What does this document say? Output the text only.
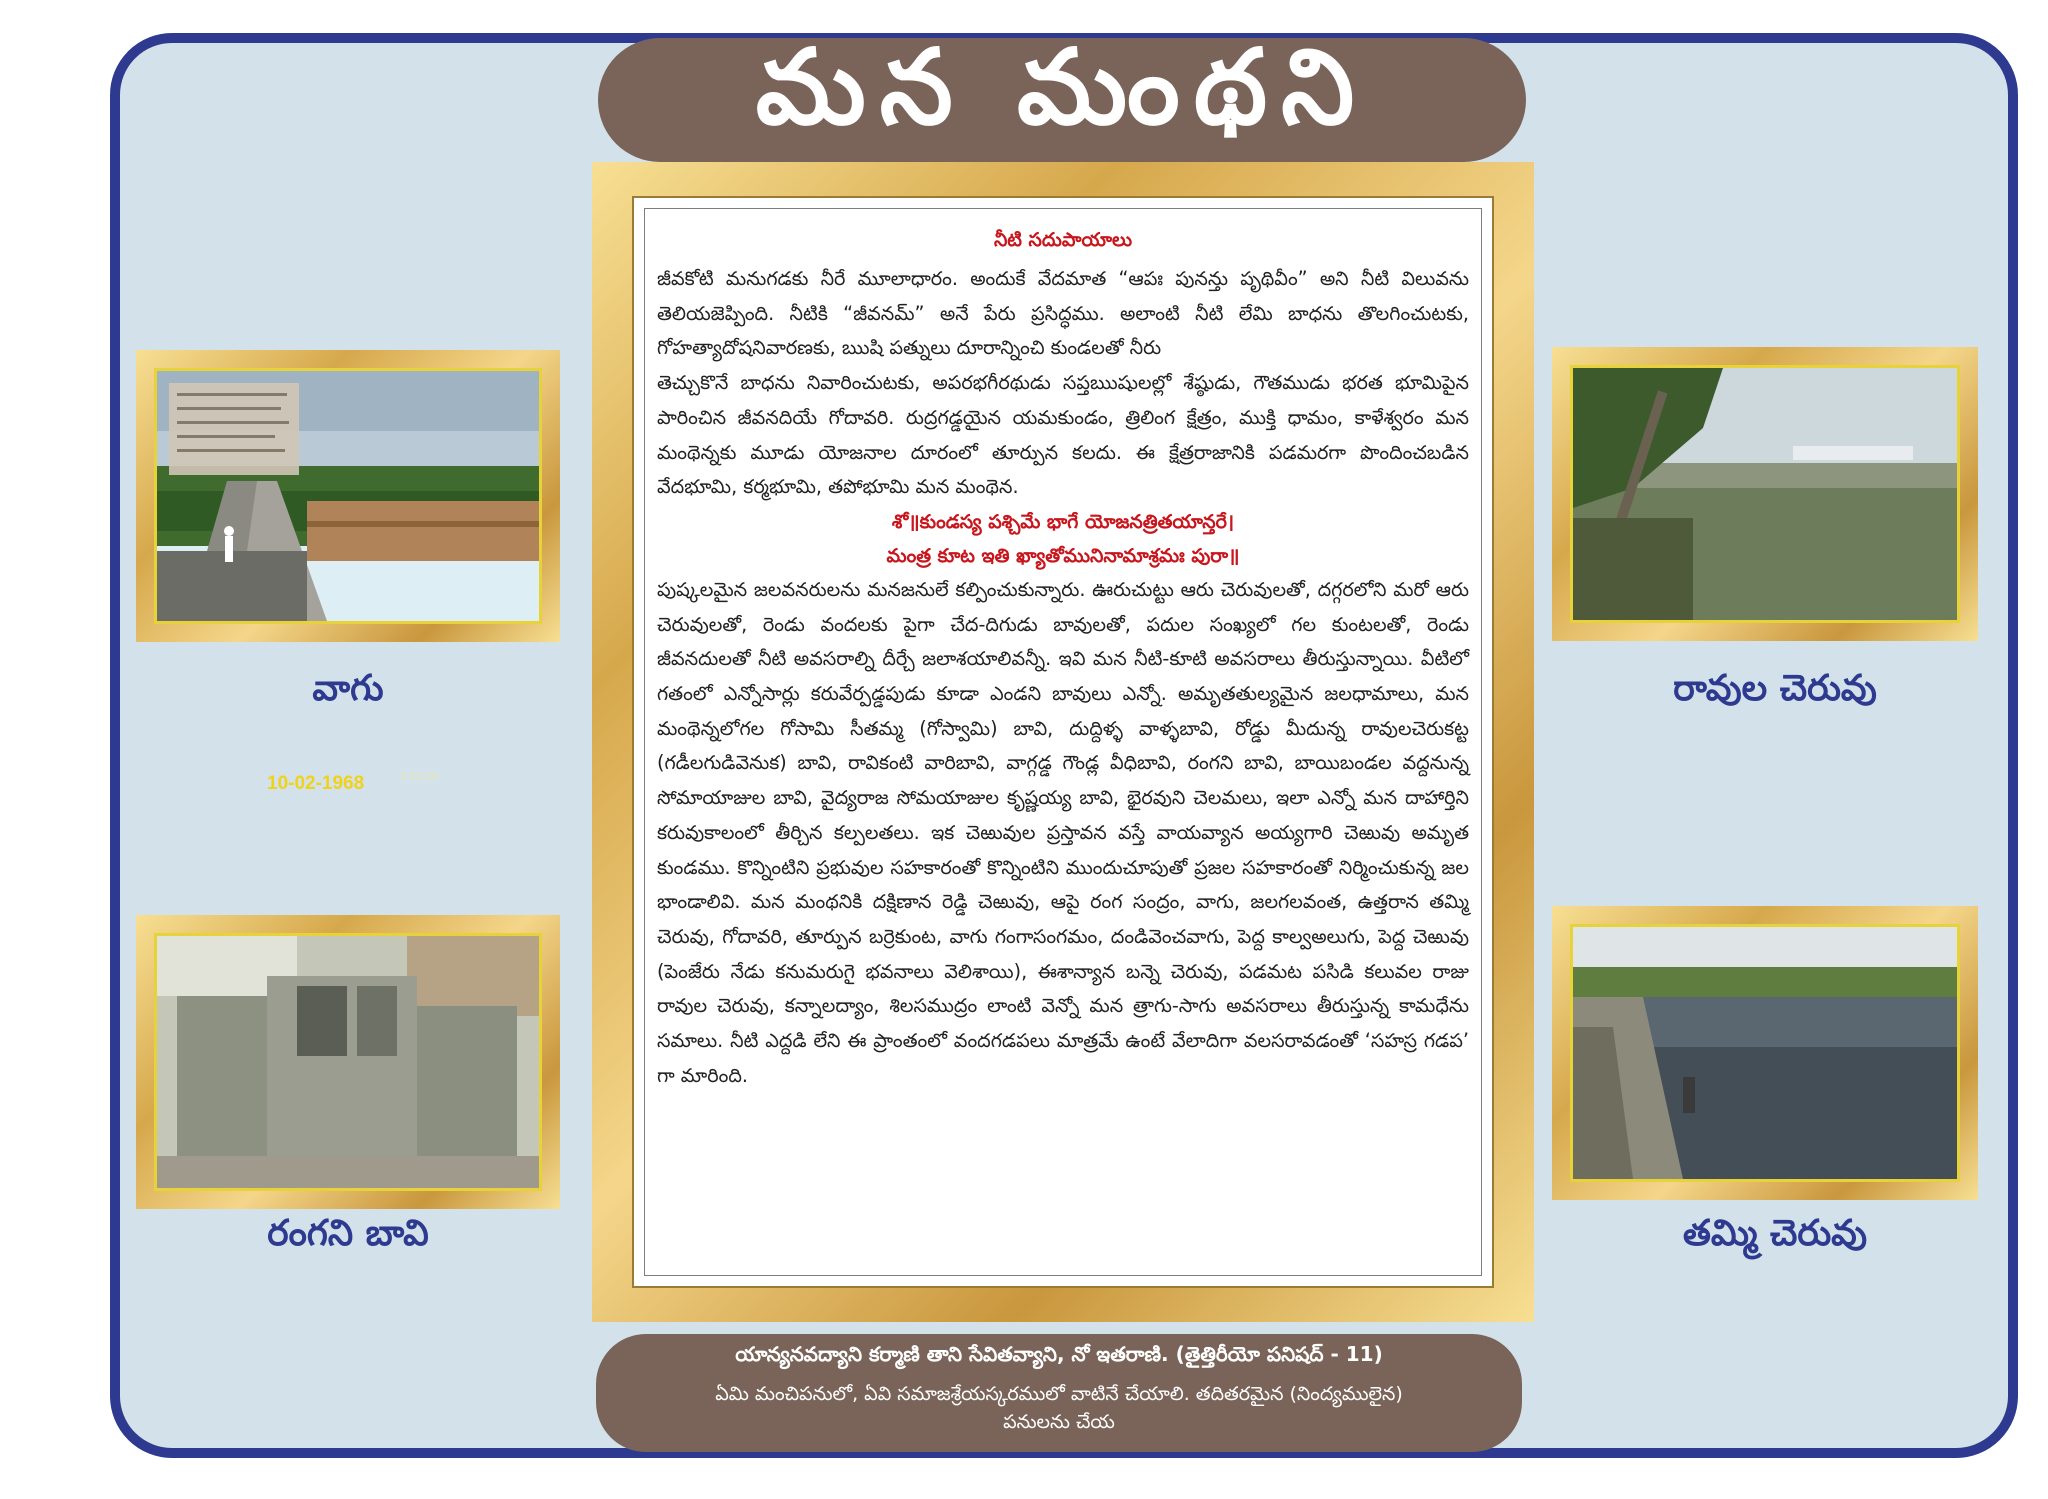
మన మంథని
10-02-1968	5 12:20
వాగు
రంగని బావి
రావుల చెరువు
తమ్మి చెరువు
నీటి సదుపాయాలు

జీవకోటి మనుగడకు నీరే మూలాధారం. అందుకే వేదమాత “ఆపః పునన్తు పృథివీం” అని నీటి విలువను తెలియజెప్పింది. నీటికి “జీవనమ్” అనే పేరు ప్రసిద్ధము. అలాంటి నీటి లేమి బాధను తొలగించుటకు, గోహత్యాదోషనివారణకు, ఋషి పత్నులు దూరాన్నించి కుండలతో నీరు

తెచ్చుకొనే బాధను నివారించుటకు, అపరభగీరథుడు సప్తఋషులల్లో శేష్ఠుడు, గౌతముడు భరత భూమిపైన పారించిన జీవనదియే గోదావరి. రుద్రగడ్డయైన యమకుండం, త్రిలింగ క్షేత్రం, ముక్తి ధామం, కాళేశ్వరం మన మంథెన్నకు మూడు యోజనాల దూరంలో తూర్పున కలదు. ఈ క్షేత్రరాజానికి పడమరగా పొందించబడిన వేదభూమి, కర్మభూమి, తపోభూమి మన మంథెన.

శో॥కుండస్య పశ్చిమే భాగే యోజనత్రితయాన్తరే।

మంత్ర కూట ఇతి ఖ్యాతోమునినామాశ్రమః పురా॥

పుష్కలమైన జలవనరులను మనజనులే కల్పించుకున్నారు. ఊరుచుట్టు ఆరు చెరువులతో, దగ్గరలోని మరో ఆరు చెరువులతో, రెండు వందలకు పైగా చేద-దిగుడు బావులతో, పదుల సంఖ్యలో గల కుంటలతో, రెండు జీవనదులతో నీటి అవసరాల్ని దీర్చే జలాశయాలివన్నీ. ఇవి మన నీటి-కూటి అవసరాలు తీరుస్తున్నాయి. వీటిలో గతంలో ఎన్నోసార్లు కరువేర్పడ్డపుడు కూడా ఎండని బావులు ఎన్నో. అమృతతుల్యమైన జలధామాలు, మన మంథెన్నలోగల గోసామి సీతమ్మ (గోస్వామి) బావి, దుద్దిళ్ళ వాళ్ళబావి, రోడ్డు మీదున్న రావులచెరుకట్ట (గడీలగుడివెనుక) బావి, రావికంటి వారిబావి, వాగ్గడ్డ గౌండ్ల వీధిబావి, రంగని బావి, బాయిబండల వద్దనున్న సోమాయాజుల బావి, వైద్యరాజ సోమయాజుల కృష్ణయ్య బావి, భైరవుని చెలమలు, ఇలా ఎన్నో మన దాహార్తిని కరువుకాలంలో తీర్చిన కల్పలతలు. ఇక చెఱువుల ప్రస్తావన వస్తే వాయవ్యాన అయ్యగారి చెఱువు అమృత కుండము. కొన్నింటిని ప్రభువుల సహకారంతో కొన్నింటిని ముందుచూపుతో ప్రజల సహకారంతో నిర్మించుకున్న జల భాండాలివి. మన మంథనికి దక్షిణాన రెడ్డి చెఱువు, ఆపై రంగ సంద్రం, వాగు, జలగలవంత, ఉత్తరాన తమ్మి చెరువు, గోదావరి, తూర్పున బర్రెకుంట, వాగు గంగాసంగమం, దండివెంచవాగు, పెద్ద కాల్వఅలుగు, పెద్ద చెఱువు (పెంజేరు నేడు కనుమరుగై భవనాలు వెలిశాయి), ఈశాన్యాన బన్నె చెరువు, పడమట పసిడి కలువల రాజు రావుల చెరువు, కన్నాలద్యాం, శిలసముద్రం లాంటి వెన్నో మన త్రాగు-సాగు అవసరాలు తీరుస్తున్న కామధేను సమాలు. నీటి ఎద్దడి లేని ఈ ప్రాంతంలో వందగడపలు మాత్రమే ఉంటే వేలాదిగా వలసరావడంతో ‘సహస్ర గడప’ గా మారింది.

యాన్యనవద్యాని కర్మాణి తాని సేవితవ్యాని, నో ఇతరాణి. (తైత్తిరీయో పనిషద్ - 11)
ఏమి మంచిపనులో, ఏవి సమాజశ్రేయస్కరములో వాటినే చేయాలి. తదితరమైన (నింద్యములైన) పనులను చేయ
